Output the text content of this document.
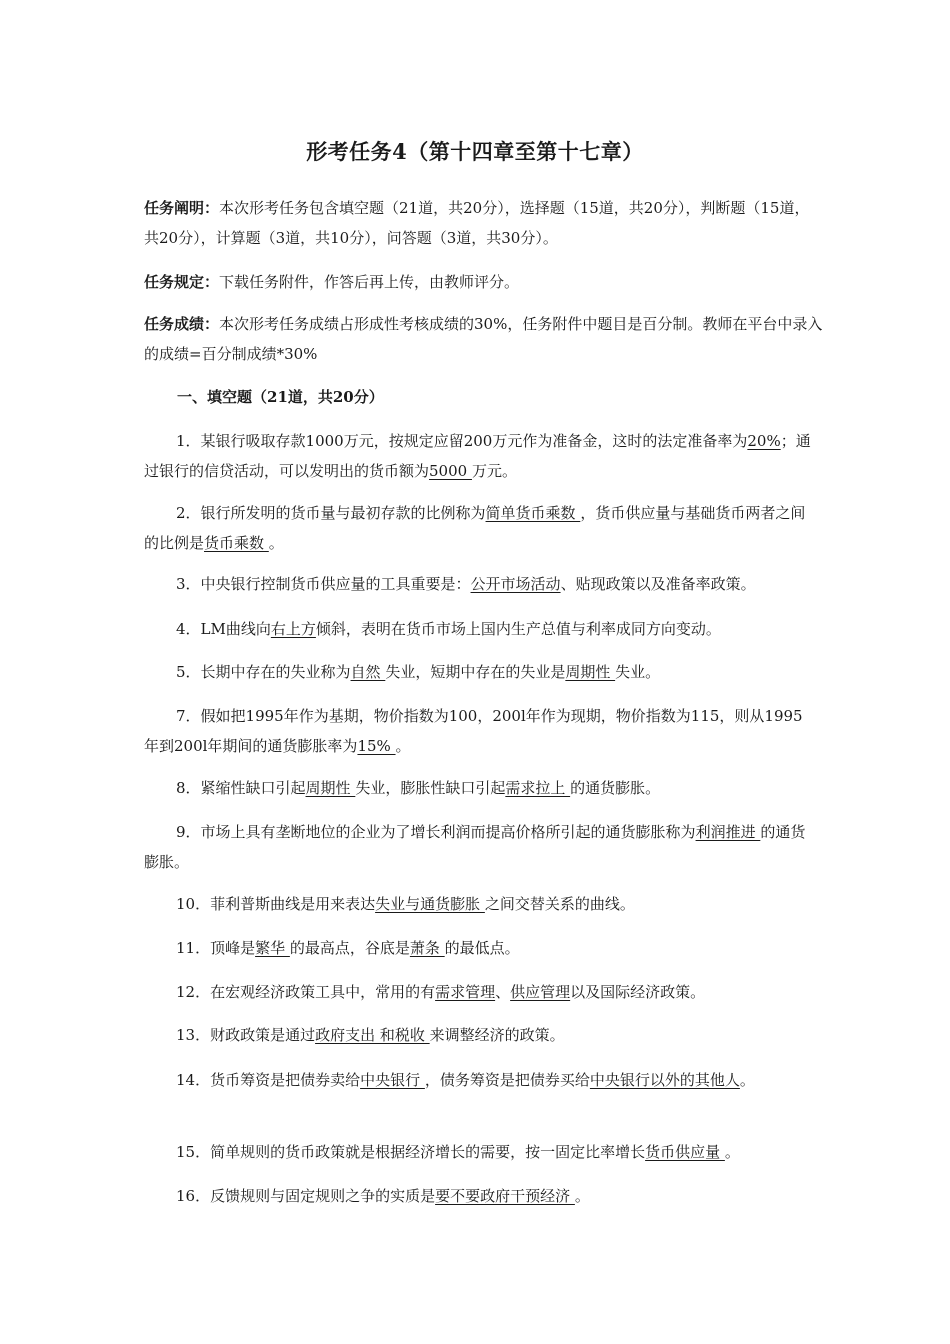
形考任务4（第十四章至第十七章）
任务阐明：本次形考任务包含填空题（21道，共20分），选择题（15道，共20分），判断题（15道，共20分），计算题（3道，共10分），问答题（3道，共30分）。
任务规定：下载任务附件，作答后再上传，由教师评分。
任务成绩：本次形考任务成绩占形成性考核成绩的30%，任务附件中题目是百分制。教师在平台中录入的成绩=百分制成绩*30%
一、填空题（21道，共20分）
1．某银行吸取存款1000万元，按规定应留200万元作为准备金，这时的法定准备率为20%；通过银行的信贷活动，可以发明出的货币额为5000 万元。
2．银行所发明的货币量与最初存款的比例称为简单货币乘数 ，货币供应量与基础货币两者之间的比例是货币乘数 。
3．中央银行控制货币供应量的工具重要是：公开市场活动、贴现政策以及准备率政策。
4．LM曲线向右上方倾斜，表明在货币市场上国内生产总值与利率成同方向变动。
5．长期中存在的失业称为自然 失业，短期中存在的失业是周期性 失业。
7．假如把1995年作为基期，物价指数为100，200l年作为现期，物价指数为115，则从1995年到200l年期间的通货膨胀率为15% 。
8．紧缩性缺口引起周期性 失业，膨胀性缺口引起需求拉上 的通货膨胀。
9．市场上具有垄断地位的企业为了增长利润而提高价格所引起的通货膨胀称为利润推进 的通货膨胀。
10．菲利普斯曲线是用来表达失业与通货膨胀 之间交替关系的曲线。
11．顶峰是繁华 的最高点，谷底是萧条 的最低点。
12．在宏观经济政策工具中，常用的有需求管理、供应管理以及国际经济政策。
13．财政政策是通过政府支出 和税收 来调整经济的政策。
14．货币筹资是把债券卖给中央银行 ，债务筹资是把债券买给中央银行以外的其他人。
15．简单规则的货币政策就是根据经济增长的需要，按一固定比率增长货币供应量 。
16．反馈规则与固定规则之争的实质是要不要政府干预经济 。
